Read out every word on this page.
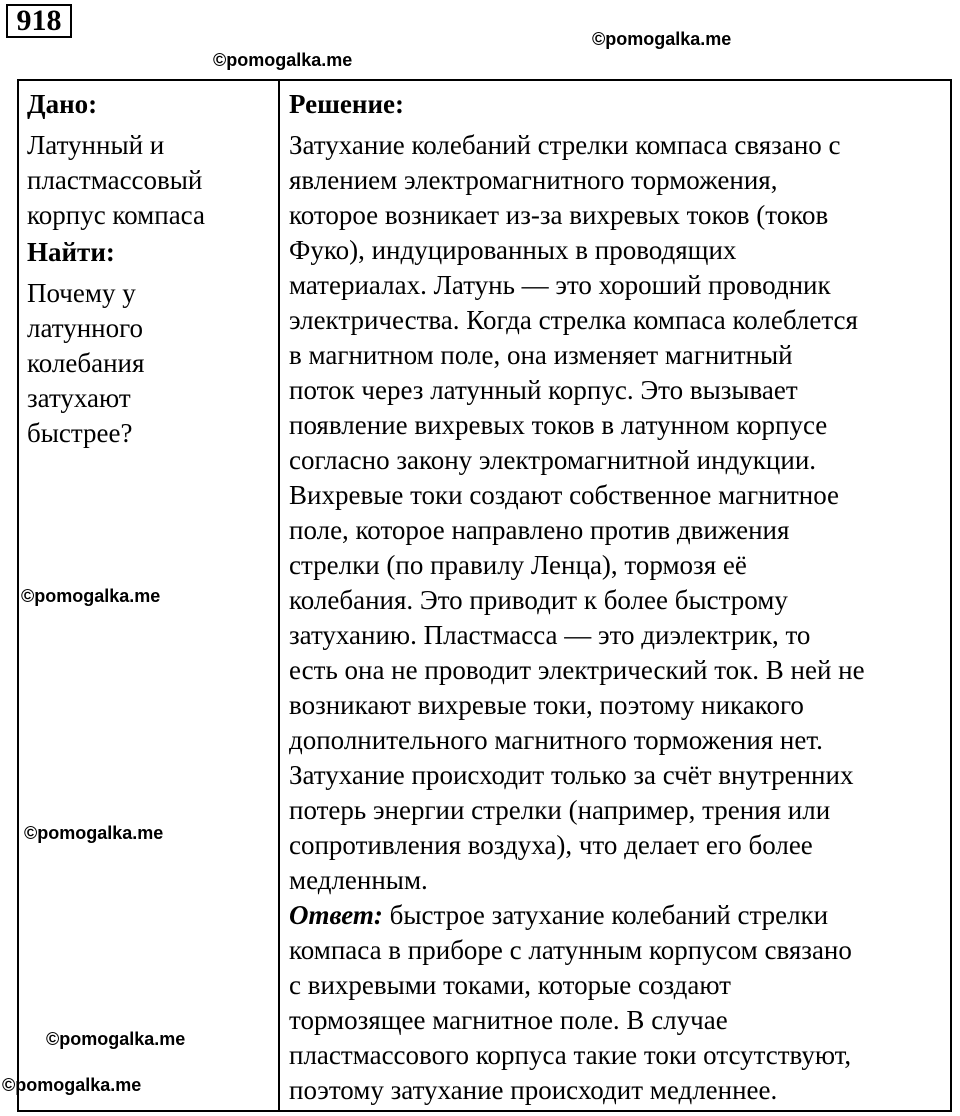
918
©pomogalka.me
©pomogalka.me
Дано:
Латунный и
пластмассовый
корпус компаса
Найти:
Почему у
латунного
колебания
затухают
быстрее?
Решение:
Затухание колебаний стрелки компаса связано с
явлением электромагнитного торможения,
которое возникает из-за вихревых токов (токов
Фуко), индуцированных в проводящих
материалах. Латунь — это хороший проводник
электричества. Когда стрелка компаса колеблется
в магнитном поле, она изменяет магнитный
поток через латунный корпус. Это вызывает
появление вихревых токов в латунном корпусе
согласно закону электромагнитной индукции.
Вихревые токи создают собственное магнитное
поле, которое направлено против движения
стрелки (по правилу Ленца), тормозя её
колебания. Это приводит к более быстрому
затуханию. Пластмасса — это диэлектрик, то
есть она не проводит электрический ток. В ней не
возникают вихревые токи, поэтому никакого
дополнительного магнитного торможения нет.
Затухание происходит только за счёт внутренних
потерь энергии стрелки (например, трения или
сопротивления воздуха), что делает его более
медленным.
Ответ: быстрое затухание колебаний стрелки
компаса в приборе с латунным корпусом связано
с вихревыми токами, которые создают
тормозящее магнитное поле. В случае
пластмассового корпуса такие токи отсутствуют,
поэтому затухание происходит медленнее.
©pomogalka.me
©pomogalka.me
©pomogalka.me
©pomogalka.me
